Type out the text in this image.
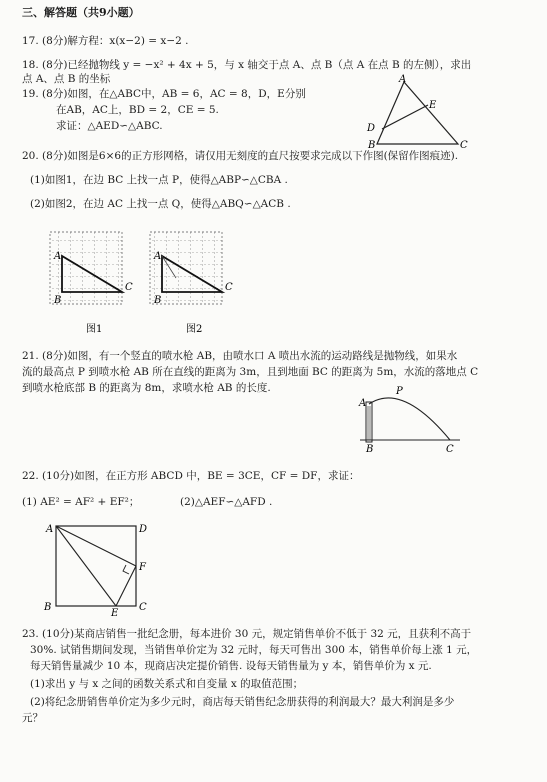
三、解答题（共9小题）
17. (8分)解方程：x(x−2) = x−2 .
18. (8分)已经抛物线 y = −x² + 4x + 5，与 x 轴交于点 A、点 B（点 A 在点 B 的左侧），求出
点 A、点 B 的坐标
19. (8分)如图，在△ABC中，AB = 6，AC = 8，D，E分别
在AB，AC上，BD = 2，CE = 5.
求证：△AED∽△ABC.
A
D
B
E
C
20. (8分)如图是6×6的正方形网格，请仅用无刻度的直尺按要求完成以下作图(保留作图痕迹).
(1)如图1，在边 BC 上找一点 P，使得△ABP∽△CBA .
(2)如图2，在边 AC 上找一点 Q，使得△ABQ∽△ACB .
A
B
C
A
B
C
图1	图2
21. (8分)如图，有一个竖直的喷水枪 AB，由喷水口 A 喷出水流的运动路线是抛物线，如果水
流的最高点 P 到喷水枪 AB 所在直线的距离为 3m，且到地面 BC 的距离为 5m，水流的落地点 C
到喷水枪底部 B 的距离为 8m，求喷水枪 AB 的长度.
A
P
B	C
22. (10分)如图，在正方形 ABCD 中，BE = 3CE，CF = DF，求证：
(1) AE² = AF² + EF²；	(2)△AEF∽△AFD .
A	D
F
B
E
C
23. (10分)某商店销售一批纪念册，每本进价 30 元，规定销售单价不低于 32 元，且获利不高于
30%. 试销售期间发现，当销售单价定为 32 元时，每天可售出 300 本，销售单价每上涨 1 元，
每天销售量减少 10 本，现商店决定提价销售. 设每天销售量为 y 本，销售单价为 x 元.
(1)求出 y 与 x 之间的函数关系式和自变量 x 的取值范围；
(2)将纪念册销售单价定为多少元时，商店每天销售纪念册获得的利润最大？最大利润是多少
元？
